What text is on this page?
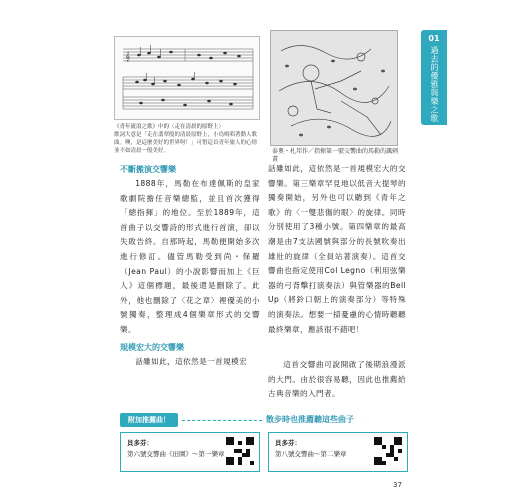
01
過去的優雅與樂之歌
𝄞
《青年流浪之歌》中的〈走在清晨的原野上〉
歌詞大意是「走在翡翠般的清晨原野上，小鳥鳴唱著動人歌曲。噢，是這麼美好的世界呀！」可惜這首青年旅人的心情並不如清晨一般美好。	泰奧・札邦作／指揮第一號交響曲的馬勒的諷刺畫
不斷搬演交響樂

1888年，馬勒在布達佩斯的皇家歌劇院擔任音樂總監，並且首次獲得「總指揮」的地位。至於1889年，這首曲子以交響詩的形式進行首演，卻以失敗告終。自那時起，馬勒便開始多次進行修訂。儘管馬勒受到尚・保羅（Jean Paul）的小說影響而加上《巨人》這個標題，最後還是刪除了。此外，他也刪除了〈花之章〉裡優美的小號獨奏，整理成4個樂章形式的交響樂。

規模宏大的交響樂

話雖如此，這依然是一首規模宏

話雖如此，這依然是一首規模宏大的交響樂。第三樂章罕見地以低音大提琴的獨奏開始，另外也可以聽到《青年之歌》的〈一雙悲傷的眼〉的旋律。同時分別使用了3種小號。第四樂章的最高潮是由7支法國號與部分的長號吹奏出雄壯的旋律（全員站著演奏）。這首交響曲也指定使用Col Legno（利用弦樂器的弓背擊打演奏法）與管樂器的Bell Up（將鈴口朝上的演奏部分）等特殊的演奏法。想要一掃憂慮的心情時聽聽最終樂章，應該很不錯吧！

這首交響曲可說開啟了後期浪漫派的大門。由於很容易聽，因此也推薦給古典音樂的入門者。

附加推薦曲！	散步時也推薦聽這些曲子
貝多芬：
第六號交響曲《田園》～第一樂章
貝多芬：
第八號交響曲～第二樂章
37
